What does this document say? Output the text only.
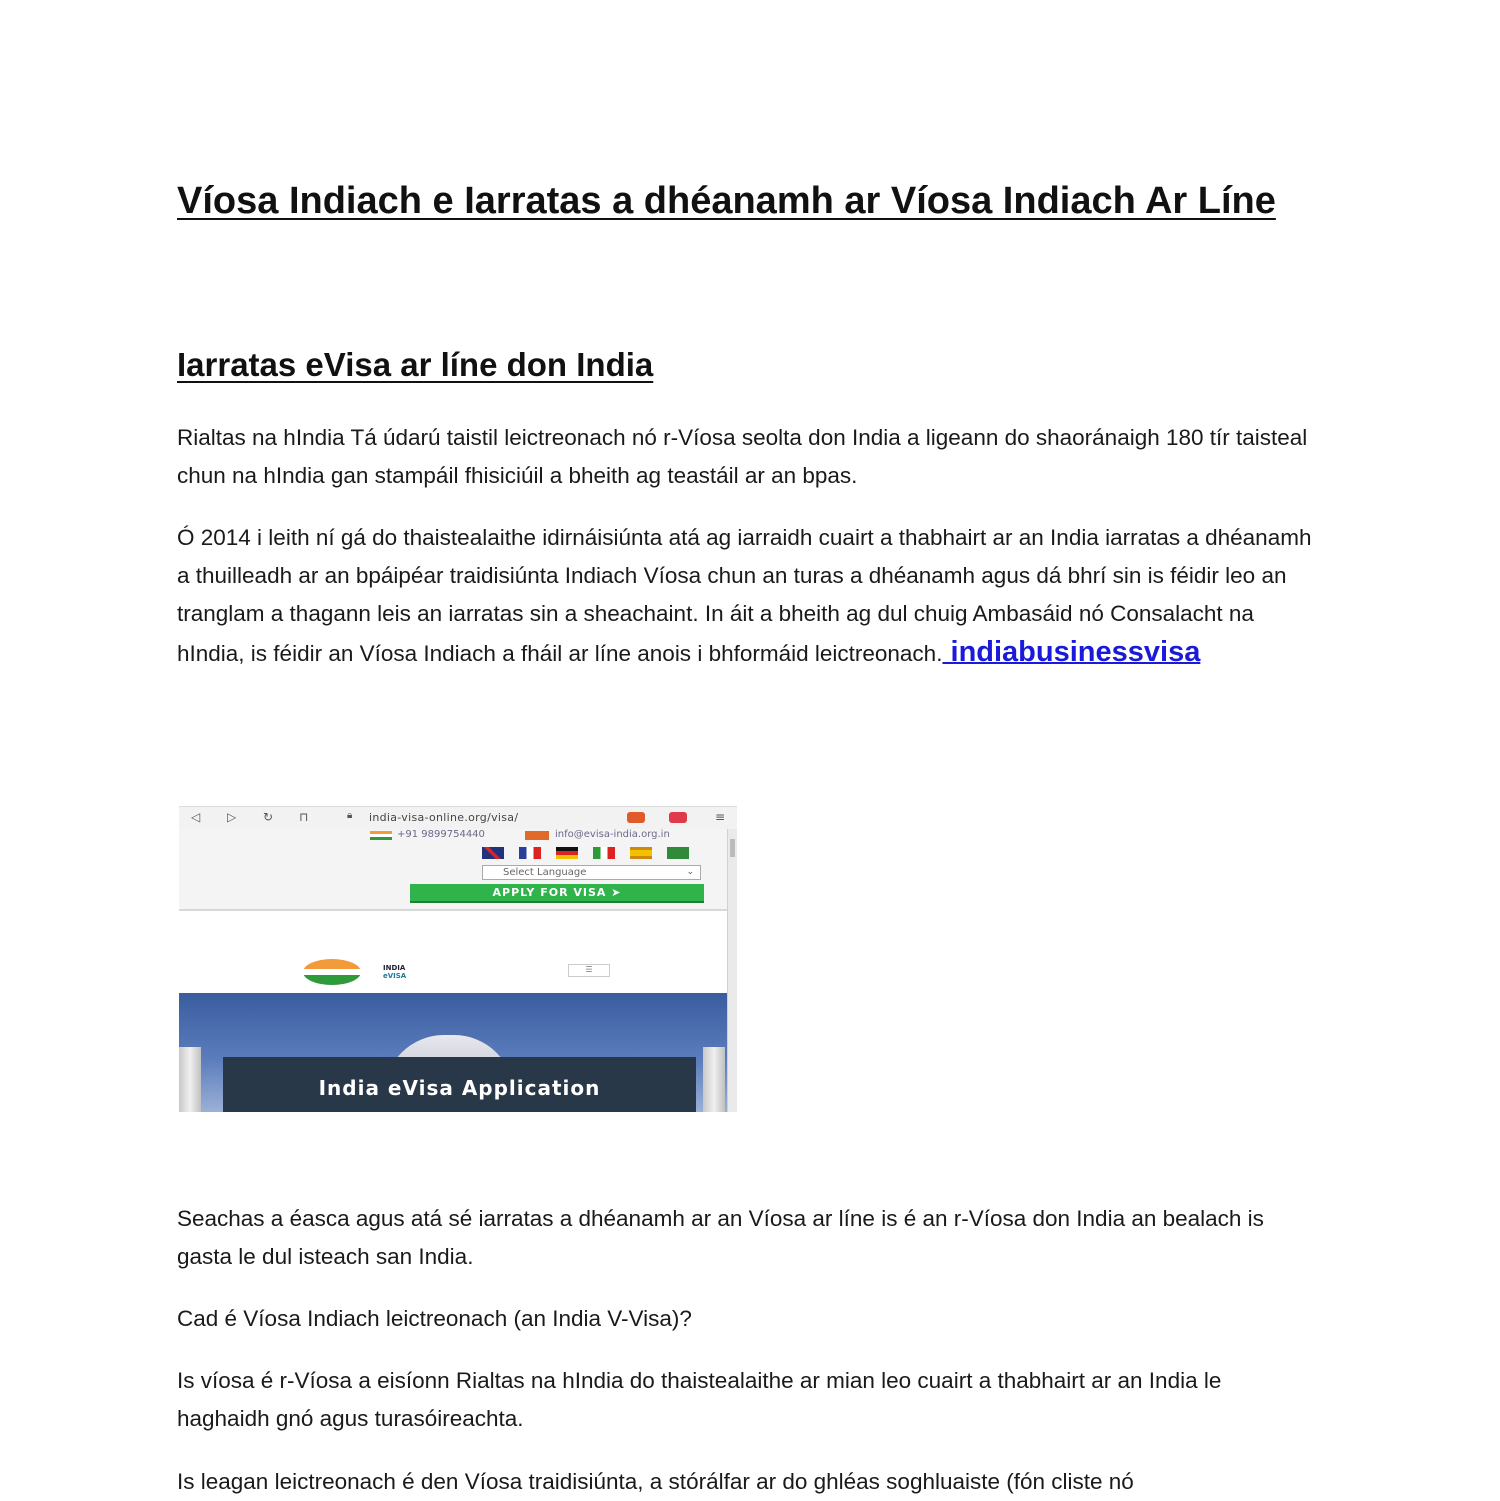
Víosa Indiach e Iarratas a dhéanamh ar Víosa Indiach Ar Líne
Iarratas eVisa ar líne don India

Rialtas na hIndia Tá údarú taistil leictreonach nó r-Víosa seolta don India a ligeann do shaoránaigh 180 tír taisteal chun na hIndia gan stampáil fhisiciúil a bheith ag teastáil ar an bpas.

Ó 2014 i leith ní gá do thaistealaithe idirnáisiúnta atá ag iarraidh cuairt a thabhairt ar an India iarratas a dhéanamh a thuilleadh ar an bpáipéar traidisiúnta Indiach Víosa chun an turas a dhéanamh agus dá bhrí sin is féidir leo an tranglam a thagann leis an iarratas sin a sheachaint. In áit a bheith ag dul chuig Ambasáid nó Consalacht na hIndia, is féidir an Víosa Indiach a fháil ar líne anois i bhformáid leictreonach. indiabusinessvisa

◁ ▷ ↻ ⊓	🔒︎ india-visa-online.org/visa/	≡
+91 9899754440	info@evisa-india.org.in
Select Language	⌄
APPLY FOR VISA ➤
INDIA
eVISA
☰
India eVisa Application

Seachas a éasca agus atá sé iarratas a dhéanamh ar an Víosa ar líne is é an r-Víosa don India an bealach is gasta le dul isteach san India.

Cad é Víosa Indiach leictreonach (an India V-Visa)?

Is víosa é r-Víosa a eisíonn Rialtas na hIndia do thaistealaithe ar mian leo cuairt a thabhairt ar an India le haghaidh gnó agus turasóireachta.

Is leagan leictreonach é den Víosa traidisiúnta, a stórálfar ar do ghléas soghluaiste (fón cliste nó
